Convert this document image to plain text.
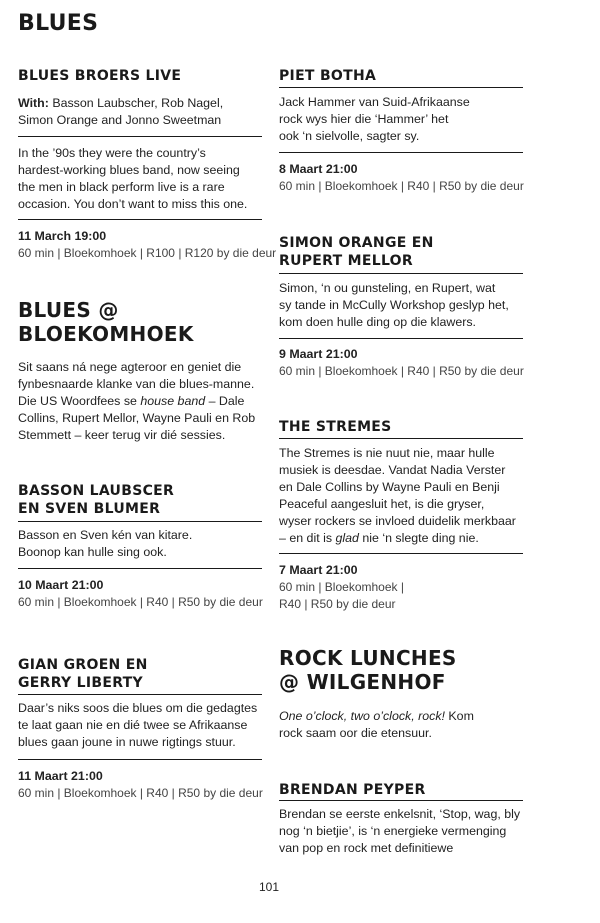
BLUES
BLUES BROERS LIVE
With: Basson Laubscher, Rob Nagel,
Simon Orange and Jonno Sweetman
In the ’90s they were the country’s
hardest-working blues band, now seeing
the men in black perform live is a rare
occasion. You don’t want to miss this one.
11 March 19:00
60 min | Bloekomhoek | R100 | R120 by die deur
BLUES @
BLOEKOMHOEK
Sit saans ná nege agteroor en geniet die
fynbesnaarde klanke van die blues-manne.
Die US Woordfees se house band – Dale
Collins, Rupert Mellor, Wayne Pauli en Rob
Stemmett – keer terug vir dié sessies.
BASSON LAUBSCER
EN SVEN BLUMER
Basson en Sven kén van kitare.
Boonop kan hulle sing ook.
10 Maart 21:00
60 min | Bloekomhoek | R40 | R50 by die deur
GIAN GROEN EN
GERRY LIBERTY
Daar’s niks soos die blues om die gedagtes
te laat gaan nie en dié twee se Afrikaanse
blues gaan joune in nuwe rigtings stuur.
11 Maart 21:00
60 min | Bloekomhoek | R40 | R50 by die deur
PIET BOTHA
Jack Hammer van Suid-Afrikaanse
rock wys hier die ‘Hammer’ het
ook ‘n sielvolle, sagter sy.
8 Maart 21:00
60 min | Bloekomhoek | R40 | R50 by die deur
SIMON ORANGE EN
RUPERT MELLOR
Simon, ‘n ou gunsteling, en Rupert, wat
sy tande in McCully Workshop geslyp het,
kom doen hulle ding op die klawers.
9 Maart 21:00
60 min | Bloekomhoek | R40 | R50 by die deur
THE STREMES
The Stremes is nie nuut nie, maar hulle
musiek is deesdae. Vandat Nadia Verster
en Dale Collins by Wayne Pauli en Benji
Peaceful aangesluit het, is die gryser,
wyser rockers se invloed duidelik merkbaar
– en dit is glad nie ‘n slegte ding nie.
7 Maart 21:00
60 min | Bloekomhoek |
R40 | R50 by die deur
ROCK LUNCHES
@ WILGENHOF
One o’clock, two o’clock, rock! Kom
rock saam oor die etensuur.
BRENDAN PEYPER
Brendan se eerste enkelsnit, ‘Stop, wag, bly
nog ‘n bietjie’, is ‘n energieke vermenging
van pop en rock met definitiewe
101
